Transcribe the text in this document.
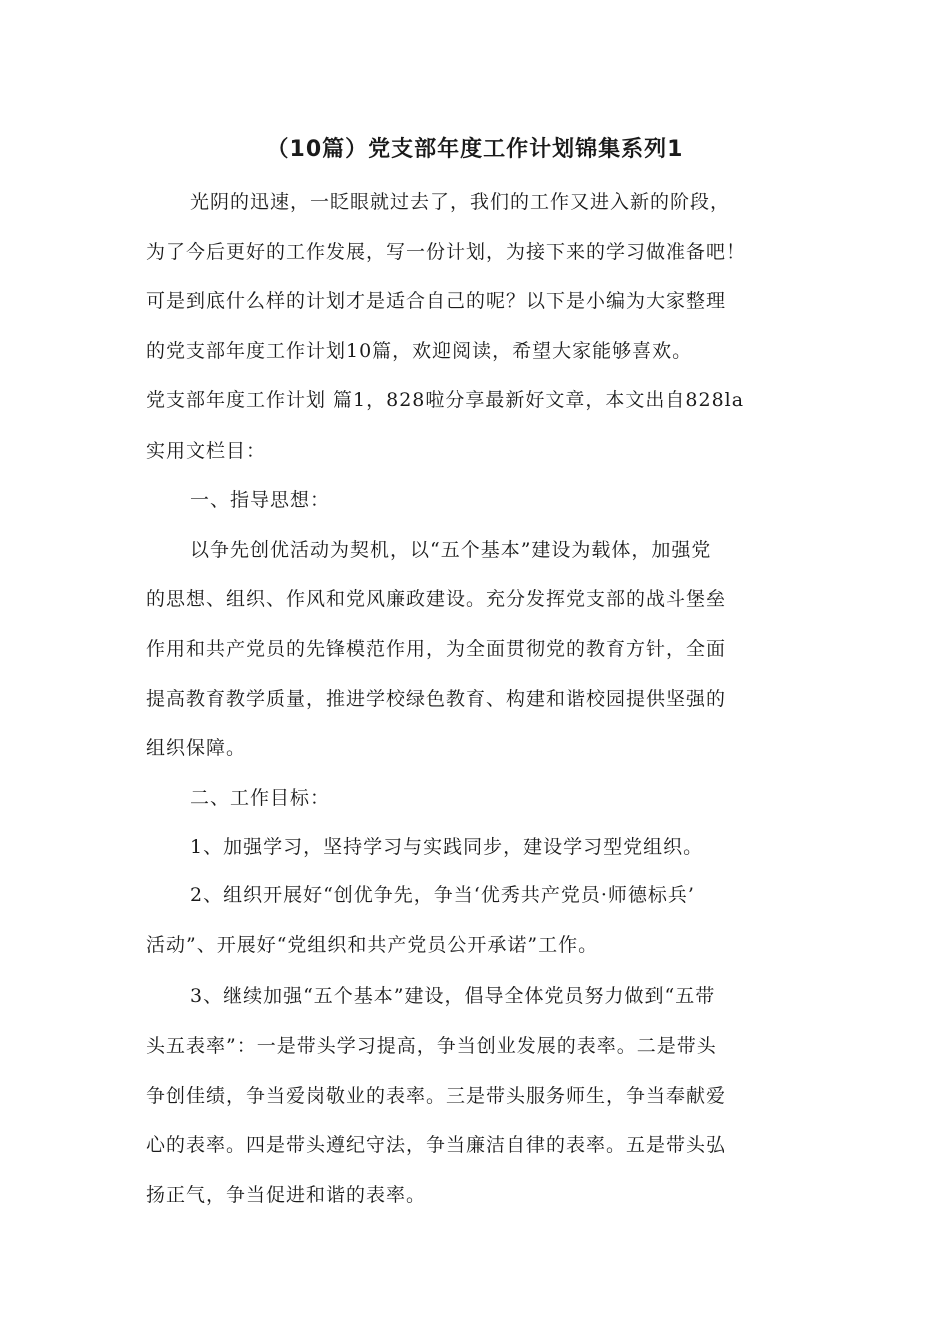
（10篇）党支部年度工作计划锦集系列1
光阴的迅速，一眨眼就过去了，我们的工作又进入新的阶段，
为了今后更好的工作发展，写一份计划，为接下来的学习做准备吧！
可是到底什么样的计划才是适合自己的呢？以下是小编为大家整理
的党支部年度工作计划10篇，欢迎阅读，希望大家能够喜欢。
党支部年度工作计划 篇1，828啦分享最新好文章，本文出自828la
实用文栏目：
一、指导思想：
以争先创优活动为契机，以“五个基本”建设为载体，加强党
的思想、组织、作风和党风廉政建设。充分发挥党支部的战斗堡垒
作用和共产党员的先锋模范作用，为全面贯彻党的教育方针，全面
提高教育教学质量，推进学校绿色教育、构建和谐校园提供坚强的
组织保障。
二、工作目标：
1、加强学习，坚持学习与实践同步，建设学习型党组织。
2、组织开展好“创优争先，争当‘优秀共产党员·师德标兵’
活动”、开展好“党组织和共产党员公开承诺”工作。
3、继续加强“五个基本”建设，倡导全体党员努力做到“五带
头五表率”：一是带头学习提高，争当创业发展的表率。二是带头
争创佳绩，争当爱岗敬业的表率。三是带头服务师生，争当奉献爱
心的表率。四是带头遵纪守法，争当廉洁自律的表率。五是带头弘
扬正气，争当促进和谐的表率。
